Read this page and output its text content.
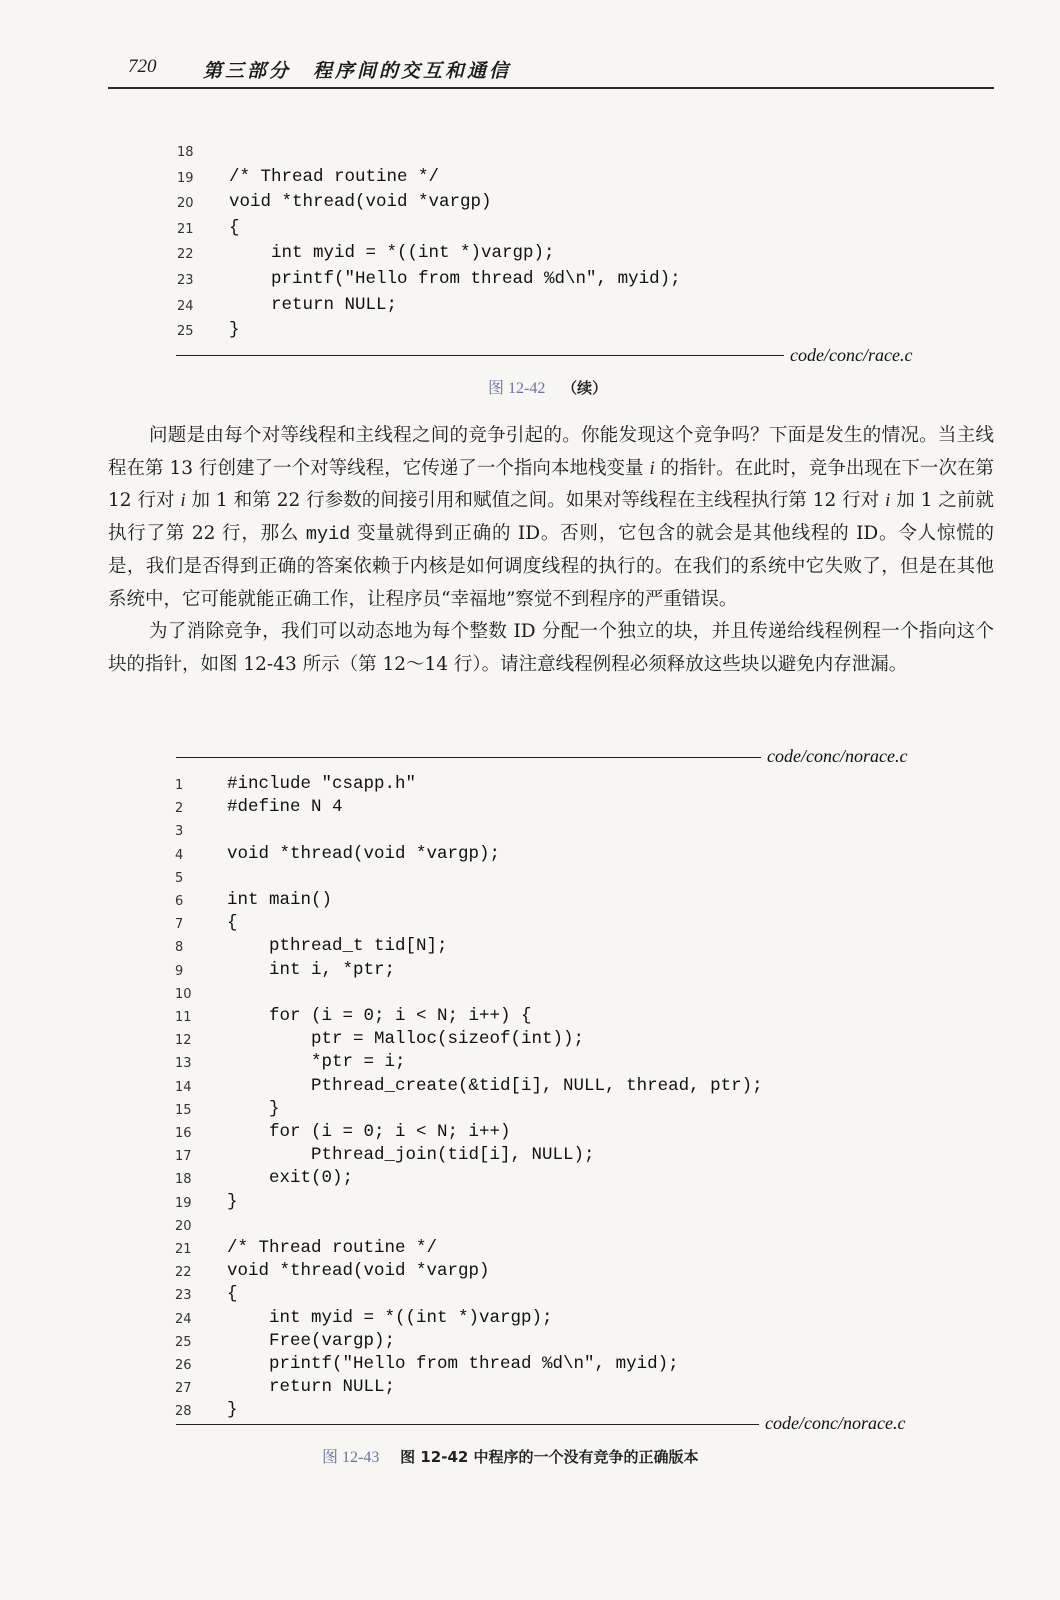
720 第三部分　程序间的交互和通信
18
19	/* Thread routine */
20	void *thread(void *vargp)
21	{
22	int myid = *((int *)vargp);
23	printf("Hello from thread %d\n", myid);
24	return NULL;
25	}
code/conc/race.c
图 12-42 （续）

问题是由每个对等线程和主线程之间的竞争引起的。你能发现这个竞争吗？下面是发生的情况。当主线程在第 13 行创建了一个对等线程，它传递了一个指向本地栈变量 i 的指针。在此时，竞争出现在下一次在第 12 行对 i 加 1 和第 22 行参数的间接引用和赋值之间。如果对等线程在主线程执行第 12 行对 i 加 1 之前就执行了第 22 行，那么 myid 变量就得到正确的 ID。否则，它包含的就会是其他线程的 ID。令人惊慌的是，我们是否得到正确的答案依赖于内核是如何调度线程的执行的。在我们的系统中它失败了，但是在其他系统中，它可能就能正确工作，让程序员“幸福地”察觉不到程序的严重错误。

为了消除竞争，我们可以动态地为每个整数 ID 分配一个独立的块，并且传递给线程例程一个指向这个块的指针，如图 12-43 所示（第 12～14 行）。请注意线程例程必须释放这些块以避免内存泄漏。

code/conc/norace.c
1	#include "csapp.h"
2	#define N 4
3
4	void *thread(void *vargp);
5
6	int main()
7	{
8	pthread_t tid[N];
9	int i, *ptr;
10
11	for (i = 0; i < N; i++) {
12	ptr = Malloc(sizeof(int));
13	*ptr = i;
14	Pthread_create(&tid[i], NULL, thread, ptr);
15	}
16	for (i = 0; i < N; i++)
17	Pthread_join(tid[i], NULL);
18	exit(0);
19	}
20
21	/* Thread routine */
22	void *thread(void *vargp)
23	{
24	int myid = *((int *)vargp);
25	Free(vargp);
26	printf("Hello from thread %d\n", myid);
27	return NULL;
28	}
code/conc/norace.c
图 12-43 图 12-42 中程序的一个没有竞争的正确版本
